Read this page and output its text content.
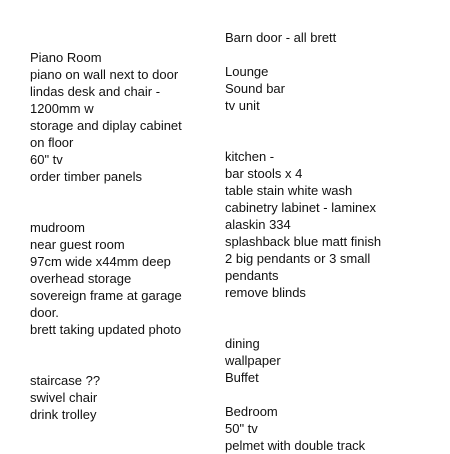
Piano Room
piano on wall next to door
lindas desk and chair -
1200mm w
storage and diplay cabinet
on floor
60" tv
order timber panels
mudroom
near guest room
97cm wide x44mm deep
overhead storage
sovereign frame at garage
door.
brett taking updated photo
staircase ??
swivel chair
drink trolley
Barn door - all brett
Lounge
Sound bar
tv unit
kitchen -
bar stools x 4
table stain white wash
cabinetry labinet - laminex
alaskin 334
splashback blue matt finish
2 big pendants or 3 small
pendants
remove blinds
dining
wallpaper
Buffet
Bedroom
50" tv
pelmet with double track
